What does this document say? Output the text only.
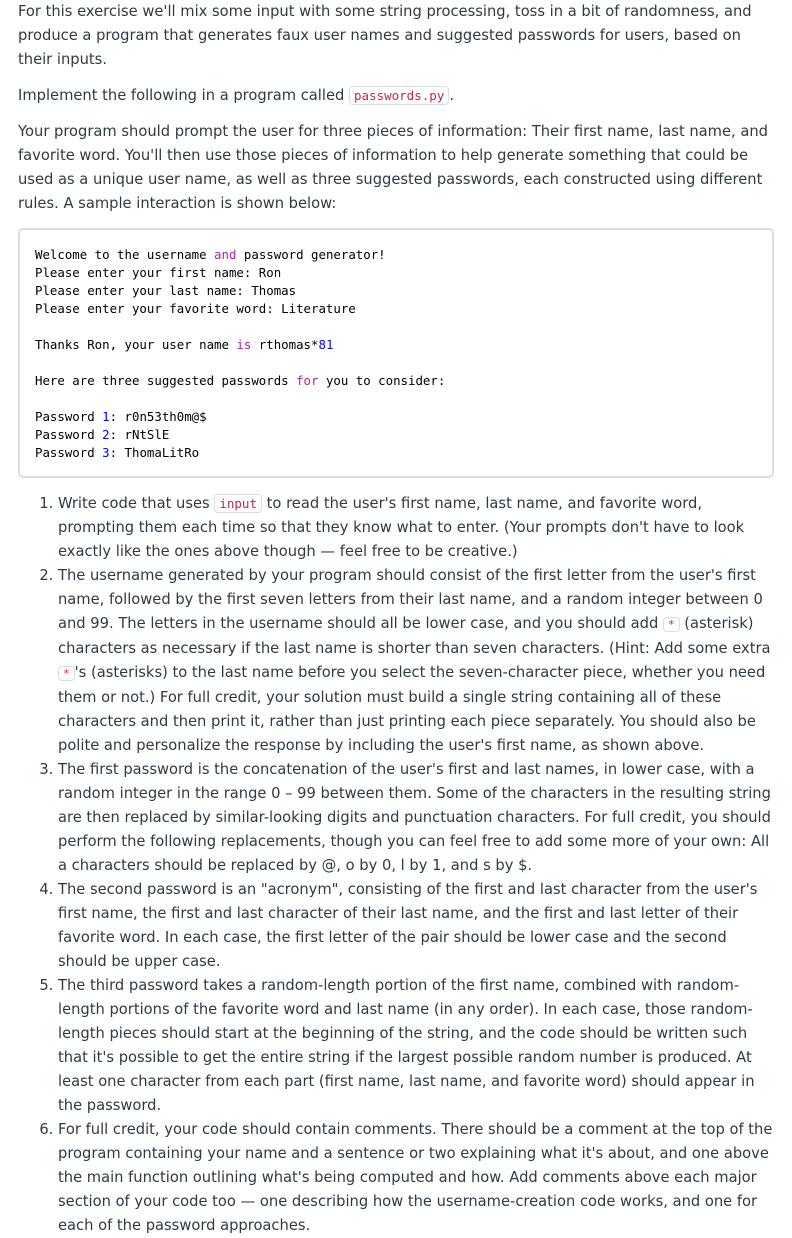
For this exercise we'll mix some input with some string processing, toss in a bit of randomness, and produce a program that generates faux user names and suggested passwords for users, based on their inputs.

Implement the following in a program called passwords.py .

Your program should prompt the user for three pieces of information: Their first name, last name, and favorite word. You'll then use those pieces of information to help generate something that could be used as a unique user name, as well as three suggested passwords, each constructed using different rules. A sample interaction is shown below:

Welcome to the username and password generator!
Please enter your first name: Ron
Please enter your last name: Thomas
Please enter your favorite word: Literature
Thanks Ron, your user name is rthomas*81
Here are three suggested passwords for you to consider:
Password 1: r0n53th0m@$
Password 2: rNtSlE
Password 3: ThomaLitRo
1. Write code that uses input to read the user's first name, last name, and favorite word, prompting them each time so that they know what to enter. (Your prompts don't have to look exactly like the ones above though — feel free to be creative.)
2. The username generated by your program should consist of the first letter from the user's first name, followed by the first seven letters from their last name, and a random integer between 0 and 99. The letters in the username should all be lower case, and you should add * (asterisk) characters as necessary if the last name is shorter than seven characters. (Hint: Add some extra * 's (asterisks) to the last name before you select the seven-character piece, whether you need them or not.) For full credit, your solution must build a single string containing all of these characters and then print it, rather than just printing each piece separately. You should also be polite and personalize the response by including the user's first name, as shown above.
3. The first password is the concatenation of the user's first and last names, in lower case, with a random integer in the range 0 – 99 between them. Some of the characters in the resulting string are then replaced by similar-looking digits and punctuation characters. For full credit, you should perform the following replacements, though you can feel free to add some more of your own: All a characters should be replaced by @, o by 0, l by 1, and s by $.
4. The second password is an "acronym", consisting of the first and last character from the user's first name, the first and last character of their last name, and the first and last letter of their favorite word. In each case, the first letter of the pair should be lower case and the second should be upper case.
5. The third password takes a random-length portion of the first name, combined with random-length portions of the favorite word and last name (in any order). In each case, those random-length pieces should start at the beginning of the string, and the code should be written such that it's possible to get the entire string if the largest possible random number is produced. At least one character from each part (first name, last name, and favorite word) should appear in the password.
6. For full credit, your code should contain comments. There should be a comment at the top of the program containing your name and a sentence or two explaining what it's about, and one above the main function outlining what's being computed and how. Add comments above each major section of your code too — one describing how the username-creation code works, and one for each of the password approaches.
